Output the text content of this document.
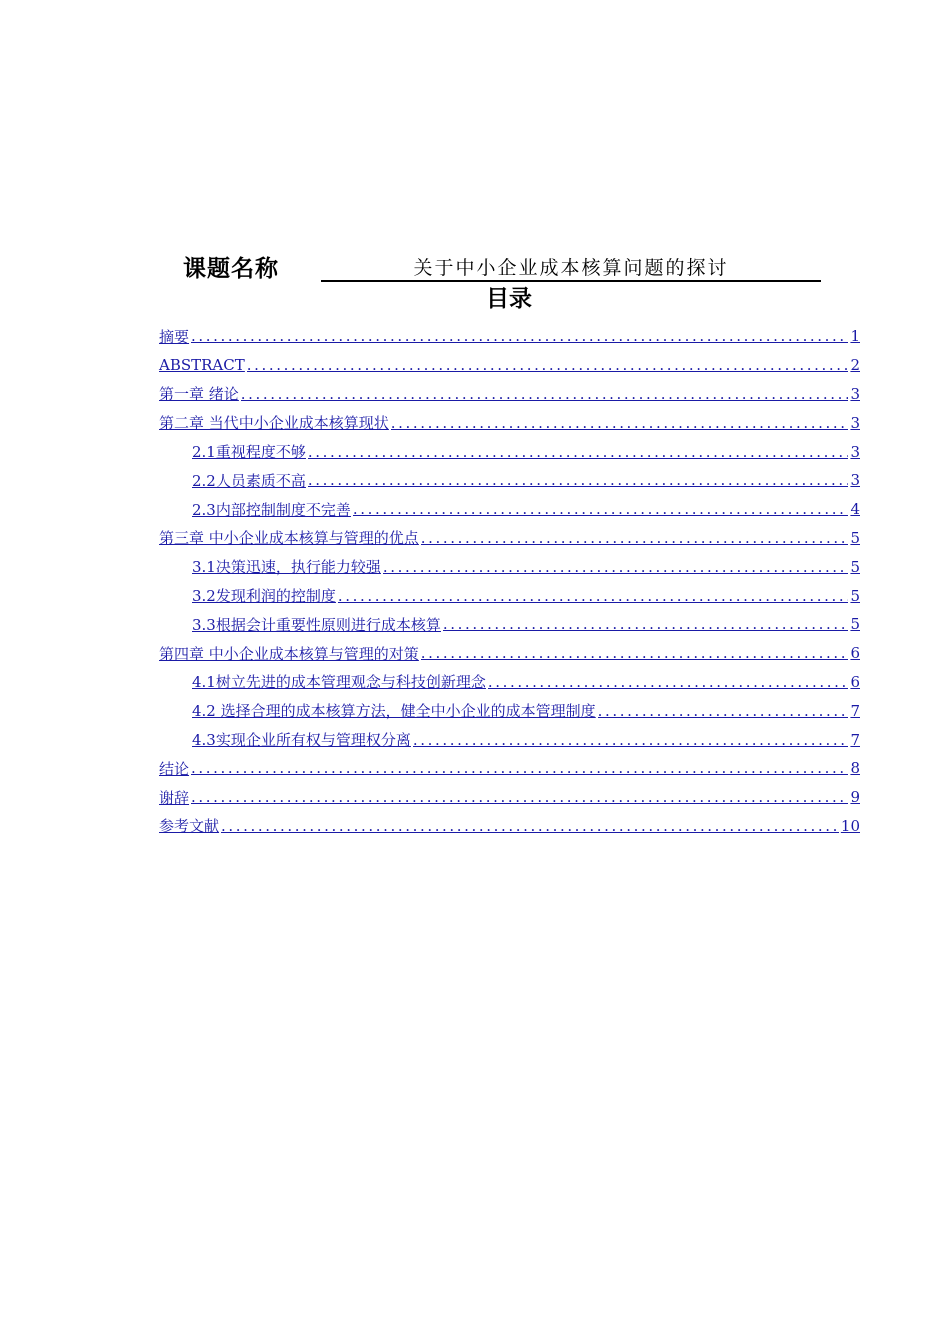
课题名称	关于中小企业成本核算问题的探讨
目录
摘要 .....	1
ABSTRACT .....	2
第一章 绪论 .....	3
第二章 当代中小企业成本核算现状 .....	3
2.1重视程度不够 .....	3
2.2人员素质不高 .....	3
2.3内部控制制度不完善 .....	4
第三章 中小企业成本核算与管理的优点 .....	5
3.1决策迅速，执行能力较强 .....	5
3.2发现利润的控制度 .....	5
3.3根据会计重要性原则进行成本核算 .....	5
第四章 中小企业成本核算与管理的对策 .....	6
4.1树立先进的成本管理观念与科技创新理念 .....	6
4.2 选择合理的成本核算方法，健全中小企业的成本管理制度 .....	7
4.3实现企业所有权与管理权分离 .....	7
结论 .....	8
谢辞 .....	9
参考文献 .....	10
